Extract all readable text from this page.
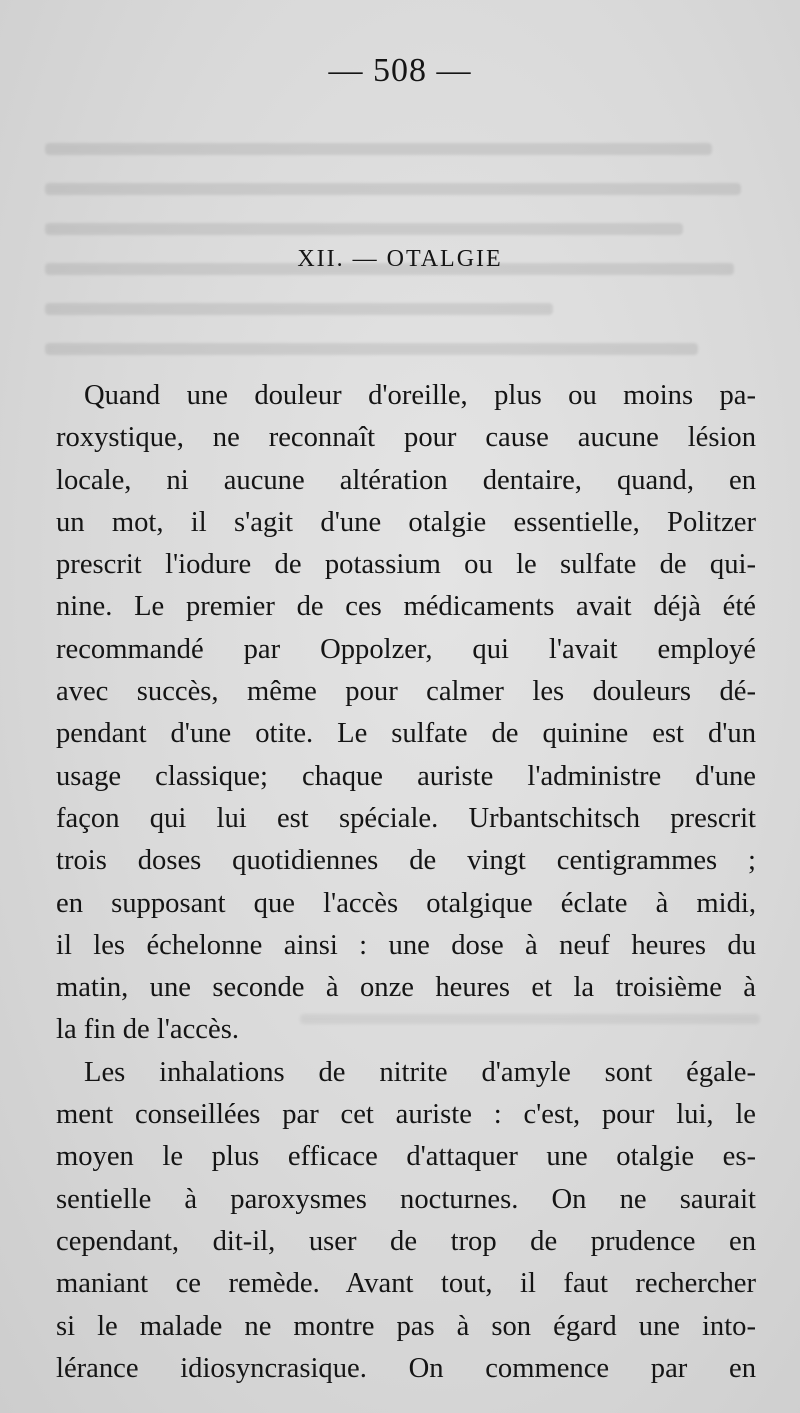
— 508 —
XII. — OTALGIE
Quand une douleur d'oreille, plus ou moins pa-
roxystique, ne reconnaît pour cause aucune lésion
locale, ni aucune altération dentaire, quand, en
un mot, il s'agit d'une otalgie essentielle, Politzer
prescrit l'iodure de potassium ou le sulfate de qui-
nine. Le premier de ces médicaments avait déjà été
recommandé par Oppolzer, qui l'avait employé
avec succès, même pour calmer les douleurs dé-
pendant d'une otite. Le sulfate de quinine est d'un
usage classique; chaque auriste l'administre d'une
façon qui lui est spéciale. Urbantschitsch prescrit
trois doses quotidiennes de vingt centigrammes ;
en supposant que l'accès otalgique éclate à midi,
il les échelonne ainsi : une dose à neuf heures du
matin, une seconde à onze heures et la troisième à
la fin de l'accès.
Les inhalations de nitrite d'amyle sont égale-
ment conseillées par cet auriste : c'est, pour lui, le
moyen le plus efficace d'attaquer une otalgie es-
sentielle à paroxysmes nocturnes. On ne saurait
cependant, dit-il, user de trop de prudence en
maniant ce remède. Avant tout, il faut rechercher
si le malade ne montre pas à son égard une into-
lérance idiosyncrasique. On commence par en
